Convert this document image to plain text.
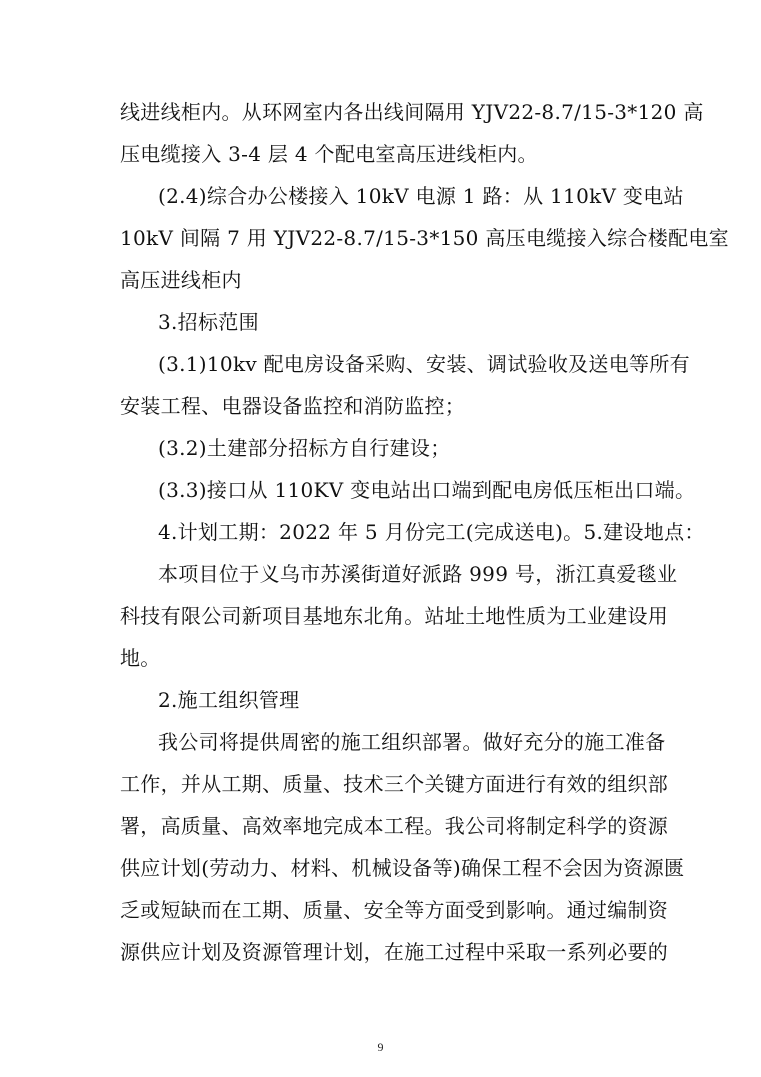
线进线柜内。从环网室内各出线间隔用 YJV22-8.7/15-3*120 高
压电缆接入 3-4 层 4 个配电室高压进线柜内。
(2.4)综合办公楼接入 10kV 电源 1 路：从 110kV 变电站
10kV 间隔 7 用 YJV22-8.7/15-3*150 高压电缆接入综合楼配电室
高压进线柜内
3.招标范围
(3.1)10kv 配电房设备采购、安装、调试验收及送电等所有
安装工程、电器设备监控和消防监控；
(3.2)土建部分招标方自行建设；
(3.3)接口从 110KV 变电站出口端到配电房低压柜出口端。
4.计划工期：2022 年 5 月份完工(完成送电)。5.建设地点：
本项目位于义乌市苏溪街道好派路 999 号，浙江真爱毯业
科技有限公司新项目基地东北角。站址土地性质为工业建设用
地。
2.施工组织管理
我公司将提供周密的施工组织部署。做好充分的施工准备
工作，并从工期、质量、技术三个关键方面进行有效的组织部
署，高质量、高效率地完成本工程。我公司将制定科学的资源
供应计划(劳动力、材料、机械设备等)确保工程不会因为资源匮
乏或短缺而在工期、质量、安全等方面受到影响。通过编制资
源供应计划及资源管理计划，在施工过程中采取一系列必要的
9
